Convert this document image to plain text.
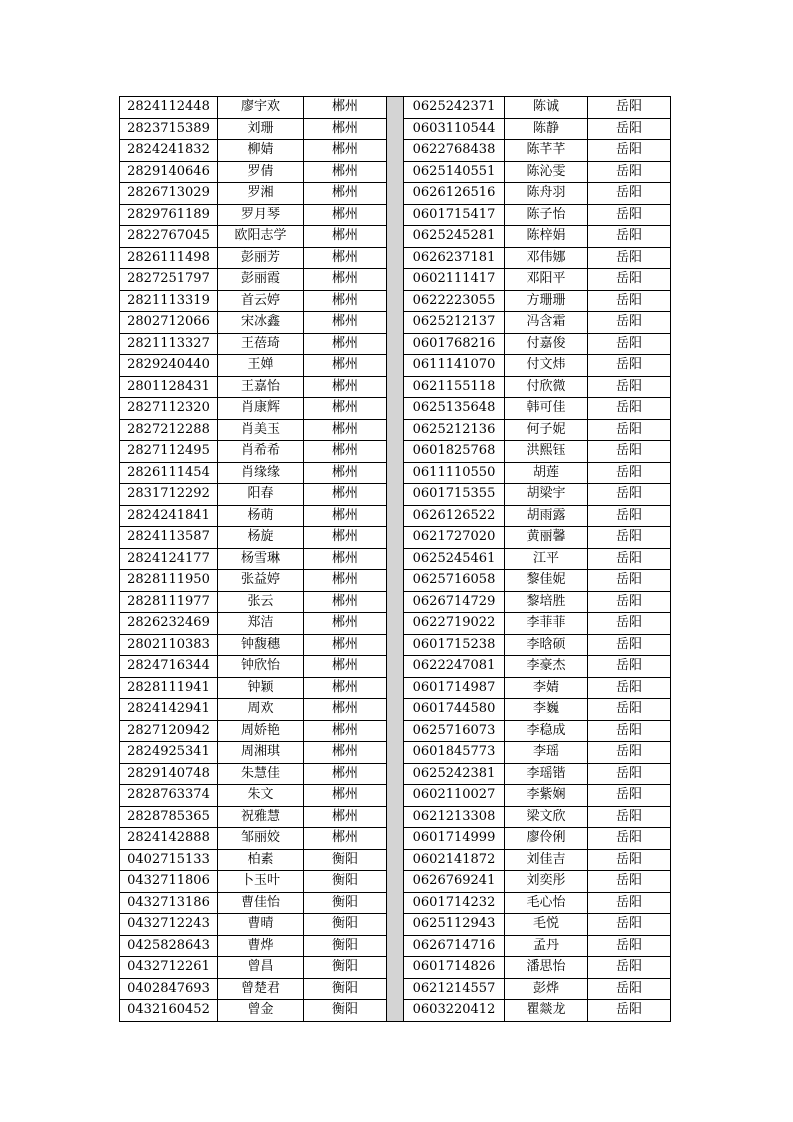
2824112448	廖宇欢	郴州		0625242371	陈诚	岳阳
2823715389	刘珊	郴州		0603110544	陈静	岳阳
2824241832	柳婧	郴州		0622768438	陈芊芊	岳阳
2829140646	罗倩	郴州		0625140551	陈沁雯	岳阳
2826713029	罗湘	郴州		0626126516	陈舟羽	岳阳
2829761189	罗月琴	郴州		0601715417	陈子怡	岳阳
2822767045	欧阳志学	郴州		0625245281	陈梓娟	岳阳
2826111498	彭丽芳	郴州		0626237181	邓伟娜	岳阳
2827251797	彭丽霞	郴州		0602111417	邓阳平	岳阳
2821113319	首云婷	郴州		0622223055	方珊珊	岳阳
2802712066	宋冰鑫	郴州		0625212137	冯含霜	岳阳
2821113327	王蓓琦	郴州		0601768216	付嘉俊	岳阳
2829240440	王婵	郴州		0611141070	付文炜	岳阳
2801128431	王嘉怡	郴州		0621155118	付欣微	岳阳
2827112320	肖康辉	郴州		0625135648	韩可佳	岳阳
2827212288	肖美玉	郴州		0625212136	何子妮	岳阳
2827112495	肖希希	郴州		0601825768	洪熙钰	岳阳
2826111454	肖缘缘	郴州		0611110550	胡莲	岳阳
2831712292	阳春	郴州		0601715355	胡梁宇	岳阳
2824241841	杨萌	郴州		0626126522	胡雨露	岳阳
2824113587	杨旋	郴州		0621727020	黄丽馨	岳阳
2824124177	杨雪琳	郴州		0625245461	江平	岳阳
2828111950	张益婷	郴州		0625716058	黎佳妮	岳阳
2828111977	张云	郴州		0626714729	黎培胜	岳阳
2826232469	郑洁	郴州		0622719022	李菲菲	岳阳
2802110383	钟馥穗	郴州		0601715238	李晗硕	岳阳
2824716344	钟欣怡	郴州		0622247081	李豪杰	岳阳
2828111941	钟颖	郴州		0601714987	李婧	岳阳
2824142941	周欢	郴州		0601744580	李巍	岳阳
2827120942	周娇艳	郴州		0625716073	李稳成	岳阳
2824925341	周湘琪	郴州		0601845773	李瑶	岳阳
2829140748	朱慧佳	郴州		0625242381	李瑶锴	岳阳
2828763374	朱文	郴州		0602110027	李紫娴	岳阳
2828785365	祝雅慧	郴州		0621213308	梁文欣	岳阳
2824142888	邹丽姣	郴州		0601714999	廖伶俐	岳阳
0402715133	柏素	衡阳		0602141872	刘佳吉	岳阳
0432711806	卜玉叶	衡阳		0626769241	刘奕彤	岳阳
0432713186	曹佳怡	衡阳		0601714232	毛心怡	岳阳
0432712243	曹晴	衡阳		0625112943	毛悦	岳阳
0425828643	曹烨	衡阳		0626714716	孟丹	岳阳
0432712261	曾昌	衡阳		0601714826	潘思怡	岳阳
0402847693	曾楚君	衡阳		0621214557	彭烨	岳阳
0432160452	曾金	衡阳		0603220412	瞿燚龙	岳阳
